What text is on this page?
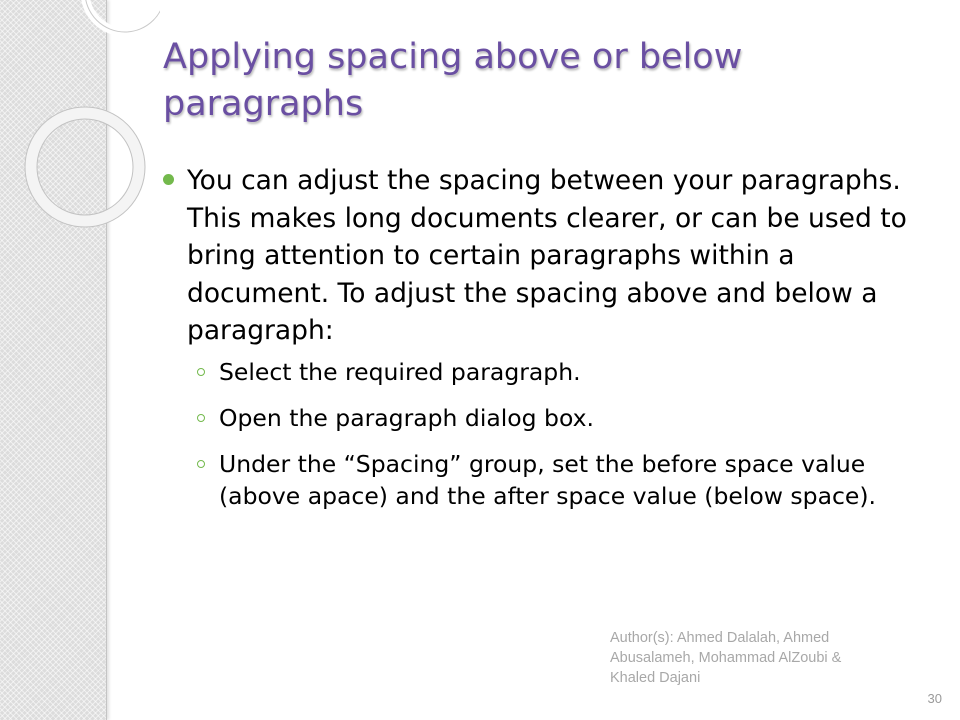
Applying spacing above or below paragraphs

You can adjust the spacing between your paragraphs. This makes long documents clearer, or can be used to bring attention to certain paragraphs within a document. To adjust the spacing above and below a paragraph:

Select the required paragraph.
Open the paragraph dialog box.
Under the “Spacing” group, set the before space value (above apace) and the after space value (below space).
Author(s): Ahmed Dalalah, Ahmed Abusalameh, Mohammad AlZoubi & Khaled Dajani
30
